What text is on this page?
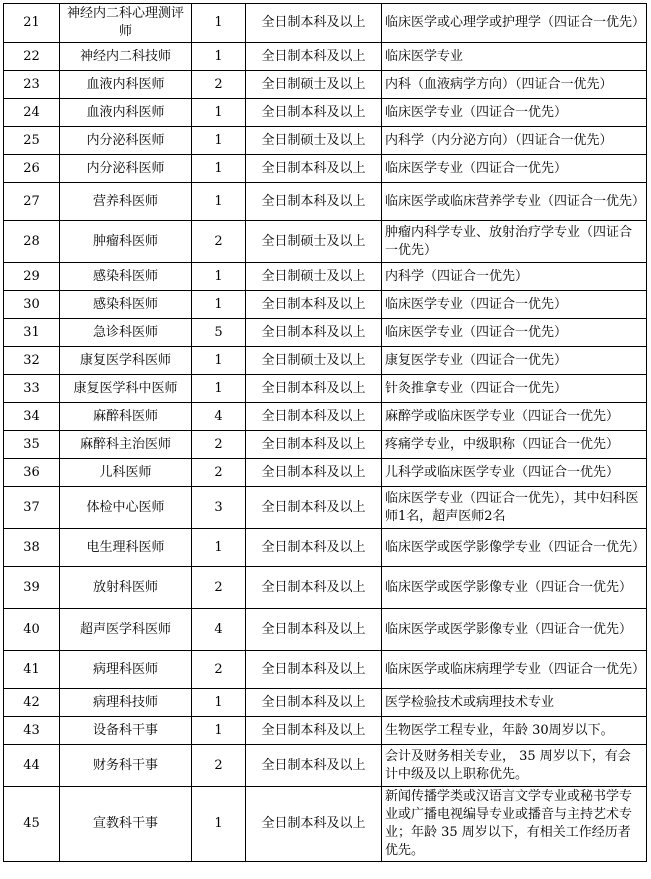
21	神经内二科心理测评师	1	全日制本科及以上	临床医学或心理学或护理学（四证合一优先）
22	神经内二科技师	1	全日制本科及以上	临床医学专业
23	血液内科医师	2	全日制硕士及以上	内科（血液病学方向）（四证合一优先）
24	血液内科医师	1	全日制本科及以上	临床医学专业（四证合一优先）
25	内分泌科医师	1	全日制硕士及以上	内科学（内分泌方向）（四证合一优先）
26	内分泌科医师	1	全日制本科及以上	临床医学专业（四证合一优先）
27	营养科医师	1	全日制本科及以上	临床医学或临床营养学专业（四证合一优先）
28	肿瘤科医师	2	全日制硕士及以上	肿瘤内科学专业、放射治疗学专业（四证合一优先）
29	感染科医师	1	全日制硕士及以上	内科学（四证合一优先）
30	感染科医师	1	全日制本科及以上	临床医学专业（四证合一优先）
31	急诊科医师	5	全日制本科及以上	临床医学专业（四证合一优先）
32	康复医学科医师	1	全日制硕士及以上	康复医学专业（四证合一优先）
33	康复医学科中医师	1	全日制本科及以上	针灸推拿专业（四证合一优先）
34	麻醉科医师	4	全日制本科及以上	麻醉学或临床医学专业（四证合一优先）
35	麻醉科主治医师	2	全日制本科及以上	疼痛学专业，中级职称（四证合一优先）
36	儿科医师	2	全日制本科及以上	儿科学或临床医学专业（四证合一优先）
37	体检中心医师	3	全日制本科及以上	临床医学专业（四证合一优先），其中妇科医师1名，超声医师2名
38	电生理科医师	1	全日制本科及以上	临床医学或医学影像学专业（四证合一优先）
39	放射科医师	2	全日制本科及以上	临床医学或医学影像专业（四证合一优先）
40	超声医学科医师	4	全日制本科及以上	临床医学或医学影像专业（四证合一优先）
41	病理科医师	2	全日制本科及以上	临床医学或临床病理学专业（四证合一优先）
42	病理科技师	1	全日制本科及以上	医学检验技术或病理技术专业
43	设备科干事	1	全日制本科及以上	生物医学工程专业，年龄 30周岁以下。
44	财务科干事	2	全日制本科及以上	会计及财务相关专业， 35 周岁以下，有会计中级及以上职称优先。
45	宣教科干事	1	全日制本科及以上	新闻传播学类或汉语言文学专业或秘书学专业或广播电视编导专业或播音与主持艺术专业；年龄 35 周岁以下，有相关工作经历者优先。
